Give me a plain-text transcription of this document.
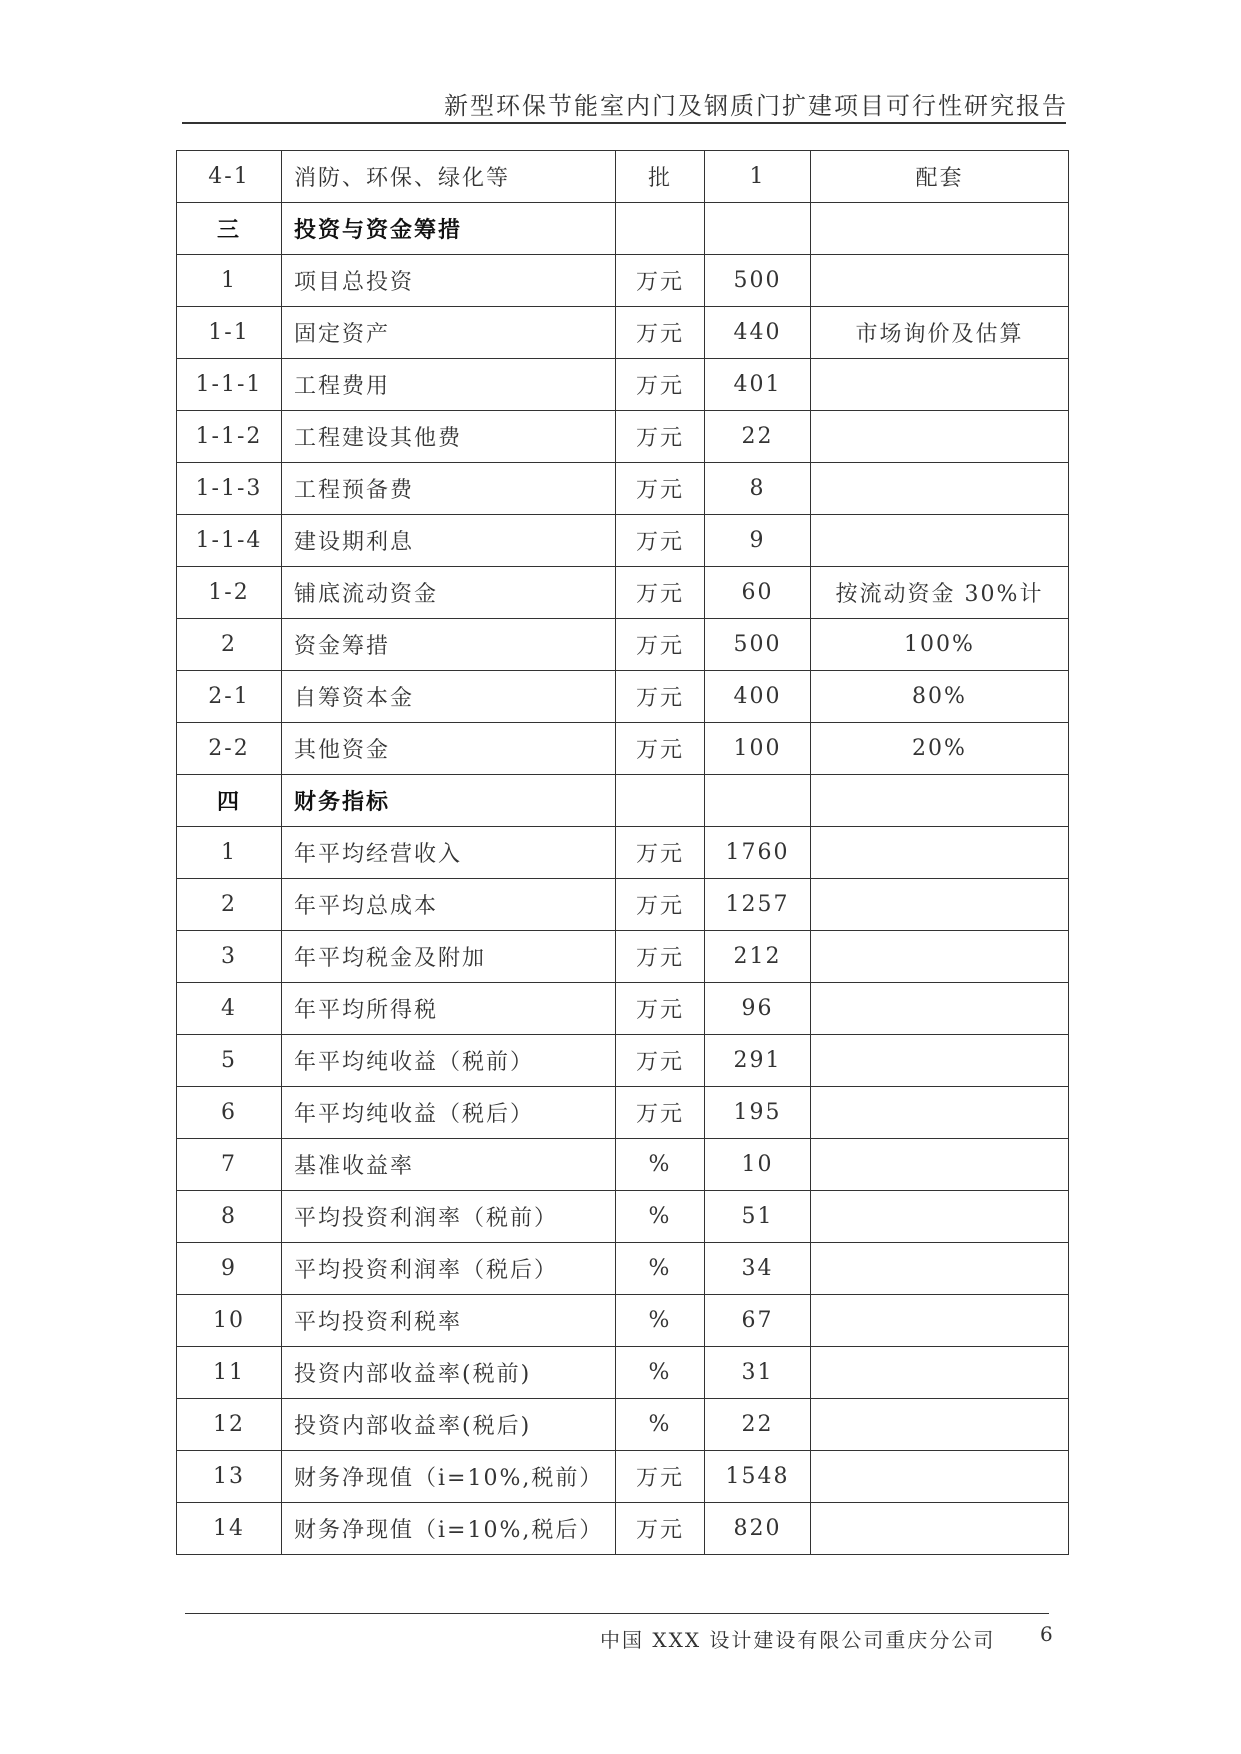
新型环保节能室内门及钢质门扩建项目可行性研究报告
4-1	消防、环保、绿化等	批	1	配套
三	投资与资金筹措			
1	项目总投资	万元	500	
1-1	固定资产	万元	440	市场询价及估算
1-1-1	工程费用	万元	401	
1-1-2	工程建设其他费	万元	22	
1-1-3	工程预备费	万元	8	
1-1-4	建设期利息	万元	9	
1-2	铺底流动资金	万元	60	按流动资金 30%计
2	资金筹措	万元	500	100%
2-1	自筹资本金	万元	400	80%
2-2	其他资金	万元	100	20%
四	财务指标			
1	年平均经营收入	万元	1760	
2	年平均总成本	万元	1257	
3	年平均税金及附加	万元	212	
4	年平均所得税	万元	96	
5	年平均纯收益（税前）	万元	291	
6	年平均纯收益（税后）	万元	195	
7	基准收益率	%	10	
8	平均投资利润率（税前）	%	51	
9	平均投资利润率（税后）	%	34	
10	平均投资利税率	%	67	
11	投资内部收益率(税前)	%	31	
12	投资内部收益率(税后)	%	22	
13	财务净现值（i=10%,税前）	万元	1548	
14	财务净现值（i=10%,税后）	万元	820	
中国 XXX 设计建设有限公司重庆分公司 6
